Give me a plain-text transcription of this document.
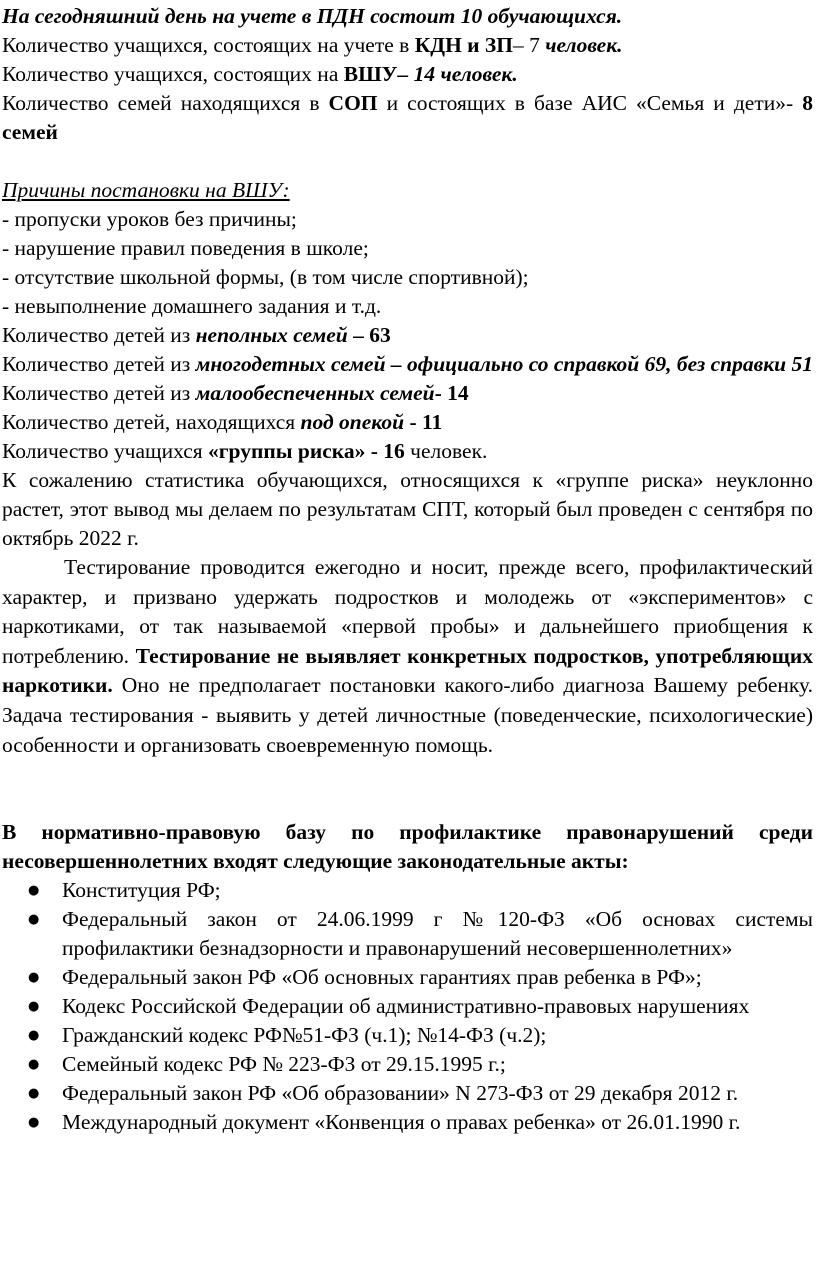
На сегодняшний день на учете в ПДН состоит 10 обучающихся.

Количество учащихся, состоящих на учете в КДН и ЗП– 7 человек.

Количество учащихся, состоящих на ВШУ– 14 человек.

Количество семей находящихся в СОП и состоящих в базе АИС «Семья и дети»- 8 семей

Причины постановки на ВШУ:

- пропуски уроков без причины;

- нарушение правил поведения в школе;

- отсутствие школьной формы, (в том числе спортивной);

- невыполнение домашнего задания и т.д.

Количество детей из неполных семей – 63

Количество детей из многодетных семей – официально со справкой 69, без справки 51

Количество детей из малообеспеченных семей- 14

Количество детей, находящихся под опекой - 11

Количество учащихся «группы риска» - 16 человек.

К сожалению статистика обучающихся, относящихся к «группе риска» неуклонно растет, этот вывод мы делаем по результатам СПТ, который был проведен с сентября по октябрь 2022 г.

Тестирование проводится ежегодно и носит, прежде всего, профилактический характер, и призвано удержать подростков и молодежь от «экспериментов» с наркотиками, от так называемой «первой пробы» и дальнейшего приобщения к потреблению. Тестирование не выявляет конкретных подростков, употребляющих наркотики. Оно не предполагает постановки какого-либо диагноза Вашему ребенку. Задача тестирования - выявить у детей личностные (поведенческие, психологические) особенности и организовать своевременную помощь.

В нормативно-правовую базу по профилактике правонарушений среди несовершеннолетних входят следующие законодательные акты:

● Конституция РФ;
● Федеральный закон от 24.06.1999 г №120-ФЗ «Об основах системы профилактики безнадзорности и правонарушений несовершеннолетних»
● Федеральный закон РФ «Об основных гарантиях прав ребенка в РФ»;
● Кодекс Российской Федерации об административно-правовых нарушениях
● Гражданский кодекс РФ№51-ФЗ (ч.1); №14-ФЗ (ч.2);
● Семейный кодекс РФ № 223-ФЗ от 29.15.1995 г.;
● Федеральный закон РФ «Об образовании» N 273-ФЗ от 29 декабря 2012 г.
● Международный документ «Конвенция о правах ребенка» от 26.01.1990 г.
